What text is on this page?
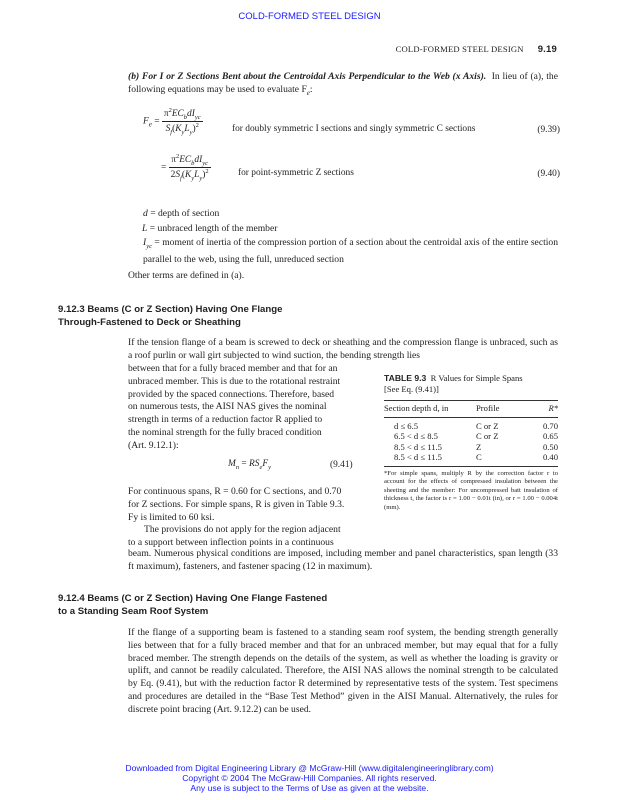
COLD-FORMED STEEL DESIGN
COLD-FORMED STEEL DESIGN 9.19
(b) For I or Z Sections Bent about the Centroidal Axis Perpendicular to the Web (x Axis). In lieu of (a), the following equations may be used to evaluate $F_e$:
$F_e = \frac{\pi^2EC_bdI_{yc}}{S_f(K_yL_y)^2}$	for doubly symmetric I sections and singly symmetric C sections	(9.39)
= $\frac{\pi^2EC_bdI_{yc}}{2S_f(K_yL_y)^2}$	for point-symmetric Z sections	(9.40)
d = depth of section
L = unbraced length of the member
$I_{yc}$ = moment of inertia of the compression portion of a section about the centroidal axis of the entire section parallel to the web, using the full, unreduced section
Other terms are defined in (a).
9.12.3 Beams (C or Z Section) Having One Flange
Through-Fastened to Deck or Sheathing
If the tension flange of a beam is screwed to deck or sheathing and the compression flange is unbraced, such as a roof purlin or wall girt subjected to wind suction, the bending strength lies
between that for a fully braced member and that for an
unbraced member. This is due to the rotational restraint
provided by the spaced connections. Therefore, based
on numerous tests, the AISI NAS gives the nominal
strength in terms of a reduction factor R applied to
the nominal strength for the fully braced condition
(Art. 9.12.1):
$M_n = RS_eF_y$	(9.41)
For continuous spans, R = 0.60 for C sections, and 0.70
for Z sections. For simple spans, R is given in Table 9.3.
Fy is limited to 60 ksi.
The provisions do not apply for the region adjacent
to a support between inflection points in a continuous
beam. Numerous physical conditions are imposed, including member and panel characteristics, span length (33 ft maximum), fasteners, and fastener spacing (12 in maximum).
TABLE 9.3 R Values for Simple Spans
[See Eq. (9.41)]
Section depth d, in	Profile	R*

d ≤ 6.5	C or Z	0.70
6.5 < d ≤ 8.5	C or Z	0.65
8.5 < d ≤ 11.5	Z	0.50
8.5 < d ≤ 11.5	C	0.40
*For simple spans, multiply R by the correction factor r to account for the effects of compressed insulation between the sheeting and the member: For uncompressed batt insulation of thickness t, the factor is r = 1.00 − 0.01t (in), or r = 1.00 − 0.004t (mm).
9.12.4 Beams (C or Z Section) Having One Flange Fastened
to a Standing Seam Roof System
If the flange of a supporting beam is fastened to a standing seam roof system, the bending strength generally lies between that for a fully braced member and that for an unbraced member, but may equal that for a fully braced member. The strength depends on the details of the system, as well as whether the loading is gravity or uplift, and cannot be readily calculated. Therefore, the AISI NAS allows the nominal strength to be calculated by Eq. (9.41), but with the reduction factor R determined by representative tests of the system. Test specimens and procedures are detailed in the “Base Test Method” given in the AISI Manual. Alternatively, the rules for discrete point bracing (Art. 9.12.2) can be used.
Downloaded from Digital Engineering Library @ McGraw-Hill (www.digitalengineeringlibrary.com)
Copyright © 2004 The McGraw-Hill Companies. All rights reserved.
Any use is subject to the Terms of Use as given at the website.
